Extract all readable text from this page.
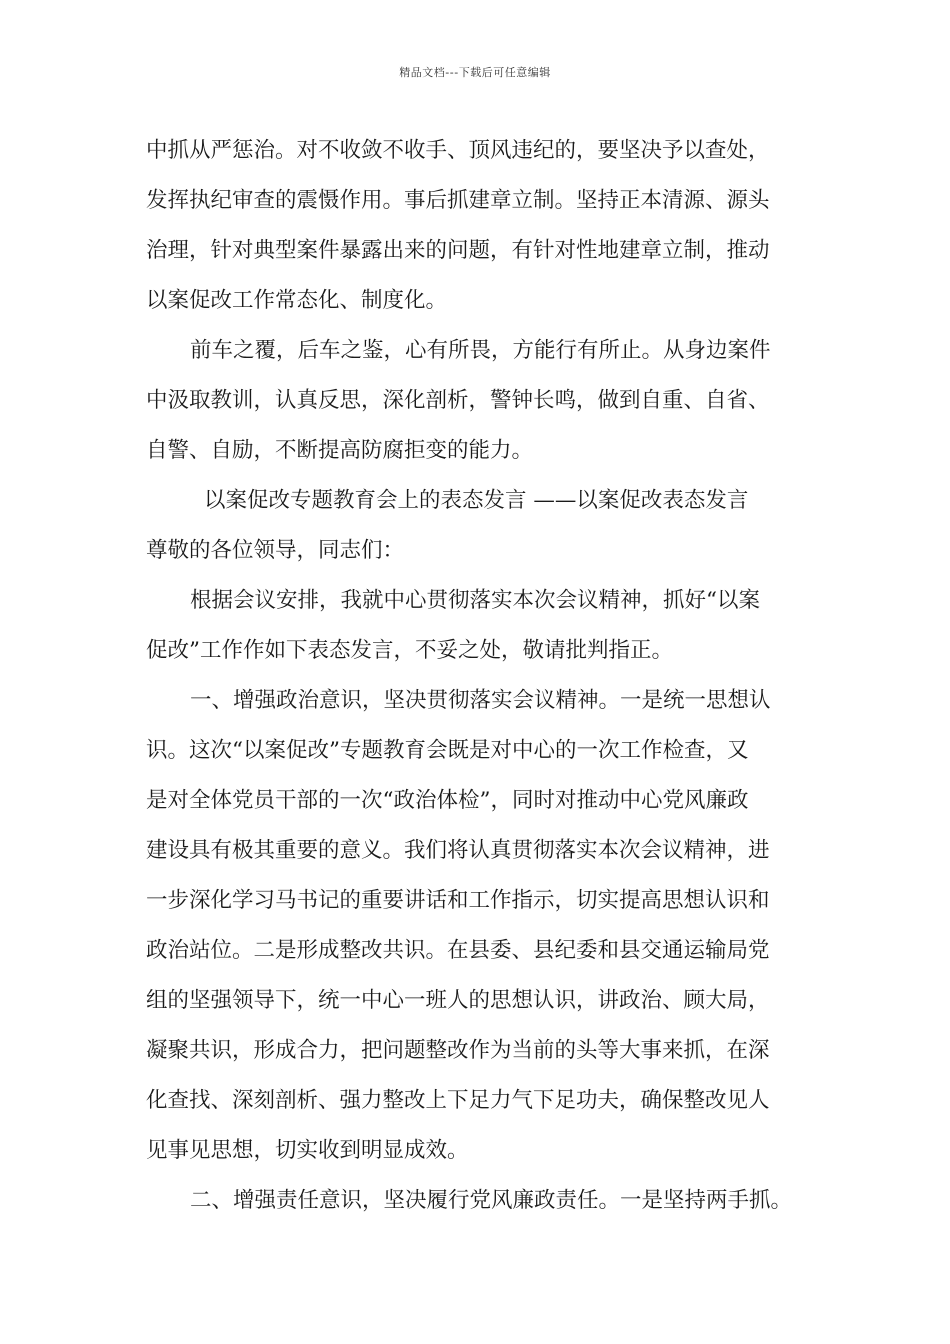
精品文档---下载后可任意编辑
中抓从严惩治。对不收敛不收手、顶风违纪的，要坚决予以查处，
发挥执纪审查的震慑作用。事后抓建章立制。坚持正本清源、源头
治理，针对典型案件暴露出来的问题，有针对性地建章立制，推动
以案促改工作常态化、制度化。
前车之覆，后车之鉴，心有所畏，方能行有所止。从身边案件
中汲取教训，认真反思，深化剖析，警钟长鸣，做到自重、自省、
自警、自励，不断提高防腐拒变的能力。
以案促改专题教育会上的表态发言 ——以案促改表态发言
尊敬的各位领导，同志们：
根据会议安排，我就中心贯彻落实本次会议精神，抓好“以案
促改”工作作如下表态发言，不妥之处，敬请批判指正。
一、增强政治意识，坚决贯彻落实会议精神。一是统一思想认
识。这次“以案促改”专题教育会既是对中心的一次工作检查，又
是对全体党员干部的一次“政治体检”，同时对推动中心党风廉政
建设具有极其重要的意义。我们将认真贯彻落实本次会议精神，进
一步深化学习马书记的重要讲话和工作指示，切实提高思想认识和
政治站位。二是形成整改共识。在县委、县纪委和县交通运输局党
组的坚强领导下，统一中心一班人的思想认识，讲政治、顾大局，
凝聚共识，形成合力，把问题整改作为当前的头等大事来抓，在深
化查找、深刻剖析、强力整改上下足力气下足功夫，确保整改见人
见事见思想，切实收到明显成效。
二、增强责任意识，坚决履行党风廉政责任。一是坚持两手抓。
